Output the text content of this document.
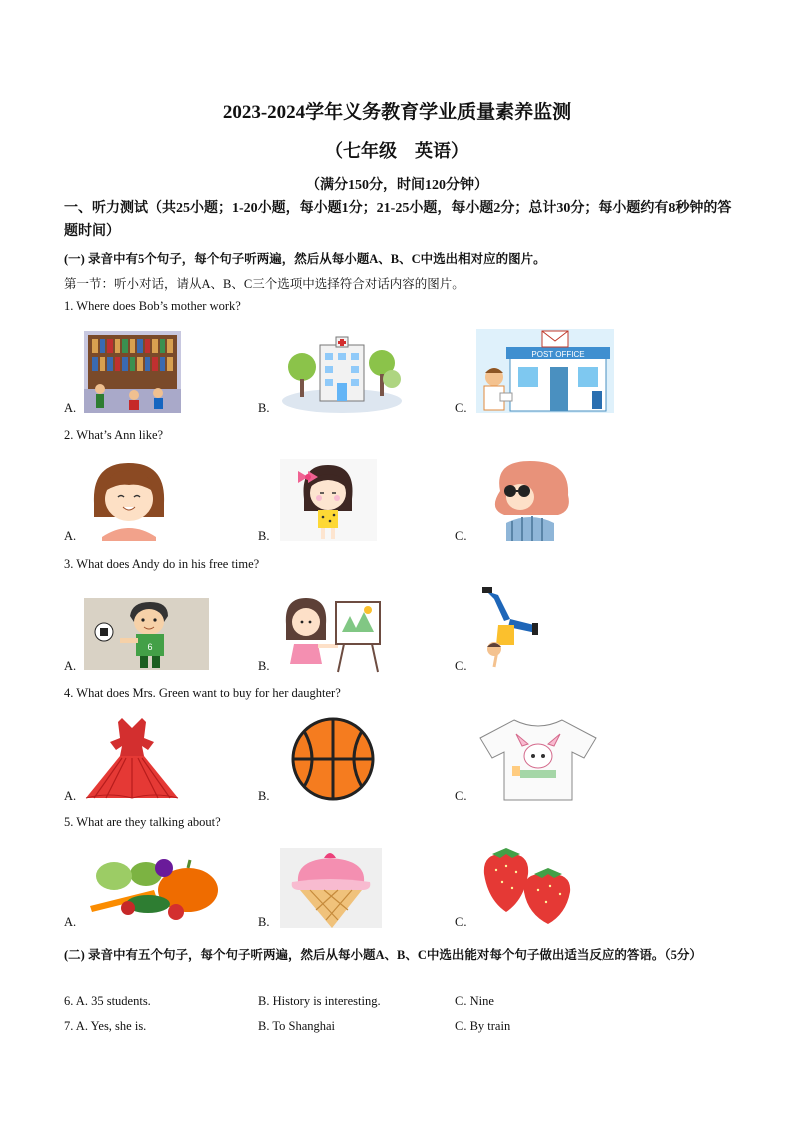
2023-2024学年义务教育学业质量素养监测
（七年级　英语）
（满分150分，时间120分钟）
一、听力测试（共25小题；1-20小题，每小题1分；21-25小题，每小题2分；总计30分；每小题约有8秒钟的答题时间）
(一) 录音中有5个句子，每个句子听两遍，然后从每小题A、B、C中选出相对应的图片。
第一节：听小对话，请从A、B、C三个选项中选择符合对话内容的图片。
1. Where does Bob’s mother work?
A.	B.	C.
POST OFFICE
2. What’s Ann like?
A.	B.	C.
3. What does Andy do in his free time?
A.	B.	C.
6
4. What does Mrs. Green want to buy for her daughter?
A.	B.	C.
5. What are they talking about?
A.	B.	C.
(二) 录音中有五个句子，每个句子听两遍，然后从每小题A、B、C中选出能对每个句子做出适当反应的答语。（5分）
6. A. 35 students.	B. History is interesting.	C. Nine
7. A. Yes, she is.	B. To Shanghai	C. By train
